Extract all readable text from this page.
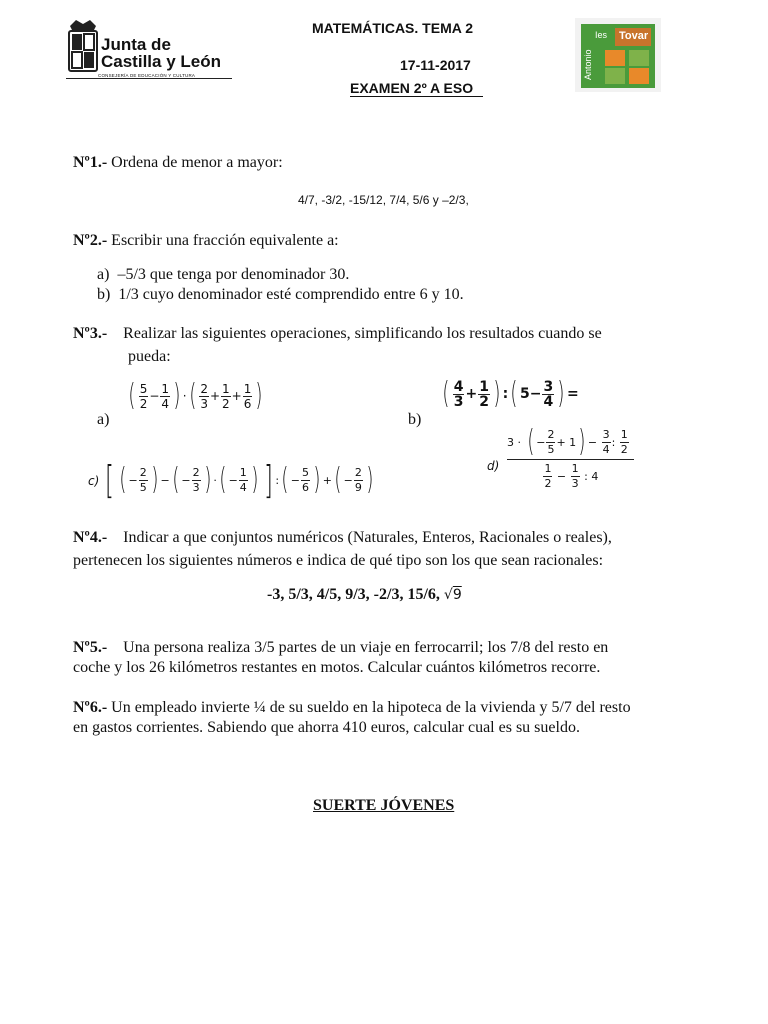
Junta de
Castilla y León
CONSEJERÍA DE EDUCACIÓN Y CULTURA
MATEMÁTICAS. TEMA 2
17-11-2017
EXAMEN 2º A ESO
Ies Tovar
Antonio
Nº1.- Ordena de menor a mayor:
4/7, -3/2, -15/12, 7/4, 5/6 y –2/3,
Nº2.- Escribir una fracción equivalente a:
a) –5/3 que tenga por denominador 30.
b) 1/3 cuyo denominador esté comprendido entre 6 y 10.
Nº3.- Realizar las siguientes operaciones, simplificando los resultados cuando se
pueda:
a)
( $\frac{5}{2} - \frac{1}{4}$ ) · ( $\frac{2}{3} + \frac{1}{2} + \frac{1}{6}$ )
b)
( $\frac{4}{3} + \frac{1}{2}$ ) : ( $5- \frac{3}{4}$ ) =
d)
3 · ( − $\frac{2}{5} + 1$ ) − $\frac{3}{4}$ : $\frac{1}{2}$
$\frac{1}{2} - \frac{1}{3}$ : 4
c) [ ( − $\frac{2}{5}$ ) − ( − $\frac{2}{3}$ ) · ( − $\frac{1}{4}$ ) ] : ( − $\frac{5}{6}$ ) + ( − $\frac{2}{9}$ )
Nº4.- Indicar a que conjuntos numéricos (Naturales, Enteros, Racionales o reales),
pertenecen los siguientes números e indica de qué tipo son los que sean racionales:
-3, 5/3, 4/5, 9/3, -2/3, 15/6, √9
Nº5.- Una persona realiza 3/5 partes de un viaje en ferrocarril; los 7/8 del resto en
coche y los 26 kilómetros restantes en motos. Calcular cuántos kilómetros recorre.
Nº6.- Un empleado invierte ¼ de su sueldo en la hipoteca de la vivienda y 5/7 del resto
en gastos corrientes. Sabiendo que ahorra 410 euros, calcular cual es su sueldo.
SUERTE JÓVENES
